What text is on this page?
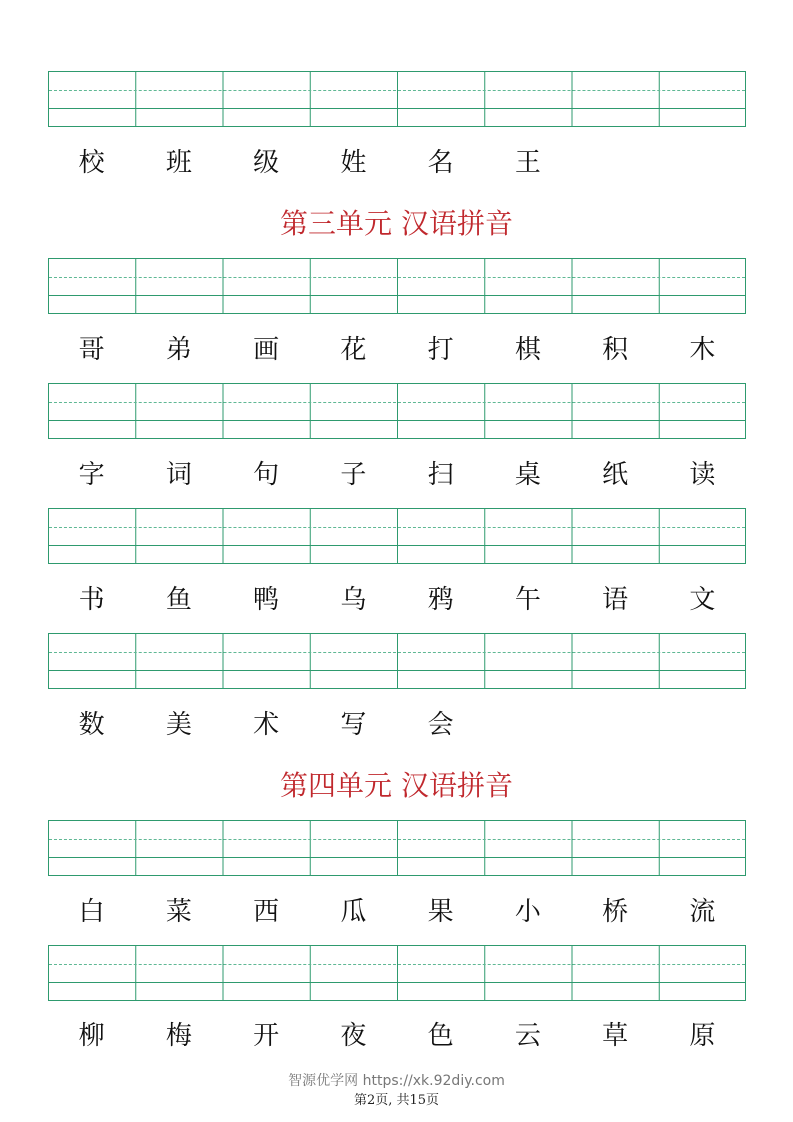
校	班	级	姓	名	王
第三单元 汉语拼音
哥	弟	画	花	打	棋	积	木
字	词	句	子	扫	桌	纸	读
书	鱼	鸭	乌	鸦	午	语	文
数	美	术	写	会
第四单元 汉语拼音
白	菜	西	瓜	果	小	桥	流
柳	梅	开	夜	色	云	草	原
智源优学网 https://xk.92diy.com
第2页, 共15页
